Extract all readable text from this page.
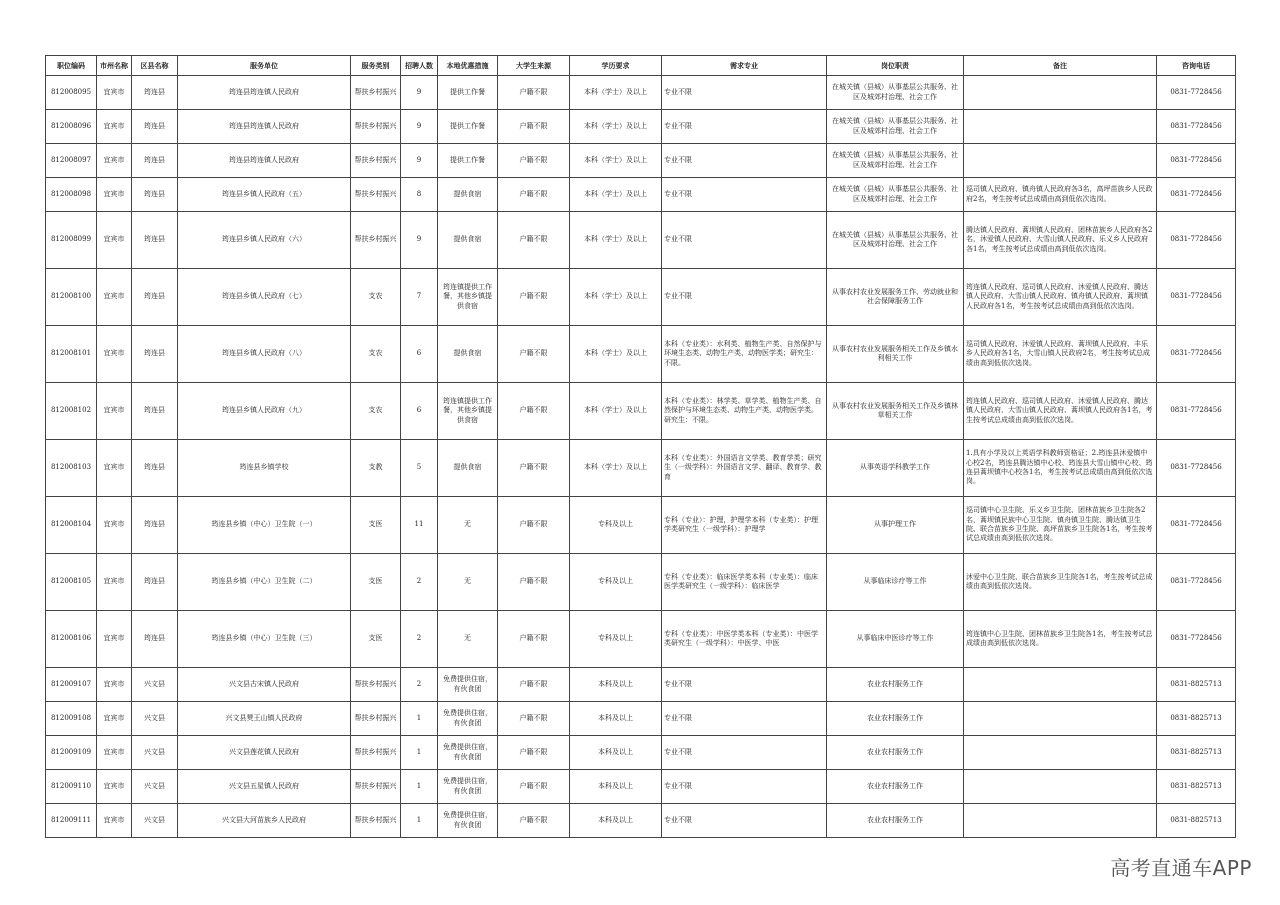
职位编码	市州名称	区县名称	服务单位	服务类别	招聘人数	本地优惠措施	大学生来源	学历要求	需求专业	岗位职责	备注	咨询电话
812008095	宜宾市	筠连县	筠连县筠连镇人民政府	帮扶乡村振兴	9	提供工作餐	户籍不限	本科（学士）及以上	专业不限	在城关镇（县城）从事基层公共服务、社区及城郊村治理、社会工作		0831-7728456
812008096	宜宾市	筠连县	筠连县筠连镇人民政府	帮扶乡村振兴	9	提供工作餐	户籍不限	本科（学士）及以上	专业不限	在城关镇（县城）从事基层公共服务、社区及城郊村治理、社会工作		0831-7728456
812008097	宜宾市	筠连县	筠连县筠连镇人民政府	帮扶乡村振兴	9	提供工作餐	户籍不限	本科（学士）及以上	专业不限	在城关镇（县城）从事基层公共服务、社区及城郊村治理、社会工作		0831-7728456
812008098	宜宾市	筠连县	筠连县乡镇人民政府（五）	帮扶乡村振兴	8	提供食宿	户籍不限	本科（学士）及以上	专业不限	在城关镇（县城）从事基层公共服务、社区及城郊村治理、社会工作	巡司镇人民政府、镇舟镇人民政府各3名，高坪苗族乡人民政府2名，考生按考试总成绩由高到低依次选岗。	0831-7728456
812008099	宜宾市	筠连县	筠连县乡镇人民政府（六）	帮扶乡村振兴	9	提供食宿	户籍不限	本科（学士）及以上	专业不限	在城关镇（县城）从事基层公共服务、社区及城郊村治理、社会工作	腾达镇人民政府、蒿坝镇人民政府、团林苗族乡人民政府各2名，沐爱镇人民政府、大雪山镇人民政府、乐义乡人民政府各1名，考生按考试总成绩由高到低依次选岗。	0831-7728456
812008100	宜宾市	筠连县	筠连县乡镇人民政府（七）	支农	7	筠连镇提供工作餐，其他乡镇提供食宿	户籍不限	本科（学士）及以上	专业不限	从事农村农业发展服务工作、劳动就业和社会保障服务工作	筠连镇人民政府、巡司镇人民政府、沐爱镇人民政府、腾达镇人民政府、大雪山镇人民政府、镇舟镇人民政府、蒿坝镇人民政府各1名，考生按考试总成绩由高到低依次选岗。	0831-7728456
812008101	宜宾市	筠连县	筠连县乡镇人民政府（八）	支农	6	提供食宿	户籍不限	本科（学士）及以上	本科（专业类）：水利类、植物生产类、自然保护与环境生态类、动物生产类、动物医学类；研究生：不限。	从事农村农业发展服务相关工作及乡镇水利相关工作	巡司镇人民政府、沐爱镇人民政府、蒿坝镇人民政府、丰乐乡人民政府各1名，大雪山镇人民政府2名，考生按考试总成绩由高到低依次选岗。	0831-7728456
812008102	宜宾市	筠连县	筠连县乡镇人民政府（九）	支农	6	筠连镇提供工作餐，其他乡镇提供食宿	户籍不限	本科（学士）及以上	本科（专业类）：林学类、草学类、植物生产类、自然保护与环境生态类、动物生产类、动物医学类。研究生：不限。	从事农村农业发展服务相关工作及乡镇林草相关工作	筠连镇人民政府、巡司镇人民政府、沐爱镇人民政府、腾达镇人民政府、大雪山镇人民政府、蒿坝镇人民政府各1名，考生按考试总成绩由高到低依次选岗。	0831-7728456
812008103	宜宾市	筠连县	筠连县乡镇学校	支教	5	提供食宿	户籍不限	本科（学士）及以上	本科（专业类）：外国语言文学类、教育学类；研究生（一级学科）：外国语言文学、翻译、教育学、教育	从事英语学科教学工作	1.具有小学及以上英语学科教师资格证；2.筠连县沐爱镇中心校2名，筠连县腾达镇中心校、筠连县大雪山镇中心校、筠连县蒿坝镇中心校各1名，考生按考试总成绩由高到低依次选岗。	0831-7728456
812008104	宜宾市	筠连县	筠连县乡镇（中心）卫生院（一）	支医	11	无	户籍不限	专科及以上	专科（专业）：护理，护理学本科（专业类）：护理学类研究生（一级学科）：护理学	从事护理工作	巡司镇中心卫生院、乐义乡卫生院、团林苗族乡卫生院各2名，蒿坝镇民族中心卫生院、镇舟镇卫生院、腾达镇卫生院、联合苗族乡卫生院、高坪苗族乡卫生院各1名，考生按考试总成绩由高到低依次选岗。	0831-7728456
812008105	宜宾市	筠连县	筠连县乡镇（中心）卫生院（二）	支医	2	无	户籍不限	专科及以上	专科（专业类）：临床医学类本科（专业类）：临床医学类研究生（一级学科）：临床医学	从事临床诊疗等工作	沐爱中心卫生院、联合苗族乡卫生院各1名，考生按考试总成绩由高到低依次选岗。	0831-7728456
812008106	宜宾市	筠连县	筠连县乡镇（中心）卫生院（三）	支医	2	无	户籍不限	专科及以上	专科（专业类）：中医学类本科（专业类）：中医学类研究生（一级学科）：中医学、中医	从事临床中医诊疗等工作	筠连镇中心卫生院、团林苗族乡卫生院各1名，考生按考试总成绩由高到低依次选岗。	0831-7728456
812009107	宜宾市	兴文县	兴文县古宋镇人民政府	帮扶乡村振兴	2	免费提供住宿，有伙食团	户籍不限	本科及以上	专业不限	农业农村服务工作		0831-8825713
812009108	宜宾市	兴文县	兴文县僰王山镇人民政府	帮扶乡村振兴	1	免费提供住宿，有伙食团	户籍不限	本科及以上	专业不限	农业农村服务工作		0831-8825713
812009109	宜宾市	兴文县	兴文县莲花镇人民政府	帮扶乡村振兴	1	免费提供住宿，有伙食团	户籍不限	本科及以上	专业不限	农业农村服务工作		0831-8825713
812009110	宜宾市	兴文县	兴文县五星镇人民政府	帮扶乡村振兴	1	免费提供住宿，有伙食团	户籍不限	本科及以上	专业不限	农业农村服务工作		0831-8825713
812009111	宜宾市	兴文县	兴文县大河苗族乡人民政府	帮扶乡村振兴	1	免费提供住宿，有伙食团	户籍不限	本科及以上	专业不限	农业农村服务工作		0831-8825713
高考直通车APP
